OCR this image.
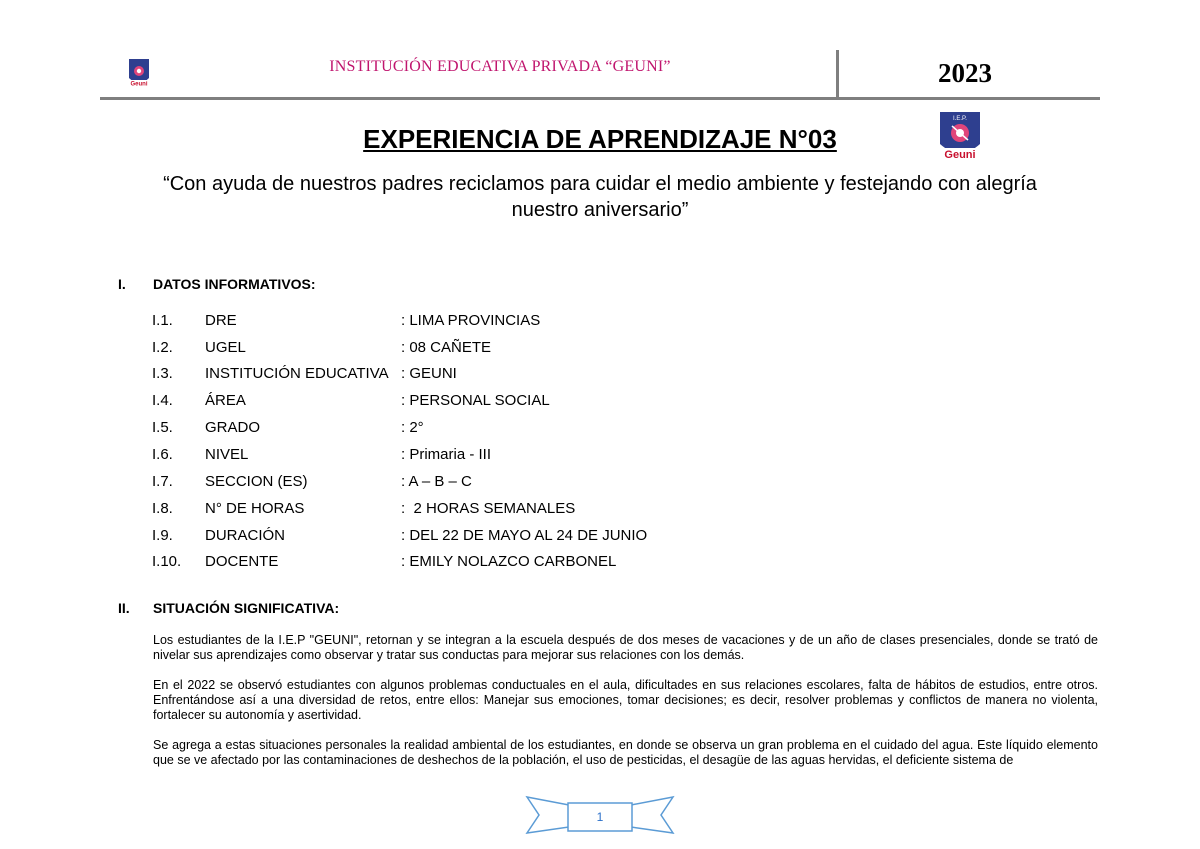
Geuni
INSTITUCIÓN EDUCATIVA PRIVADA “GEUNI”	2023
EXPERIENCIA DE APRENDIZAJE N°03
I.E.P.
Geuni
“Con ayuda de nuestros padres reciclamos para cuidar el medio ambiente y festejando con alegría
nuestro aniversario”
I. DATOS INFORMATIVOS:
I.1. DRE	: LIMA PROVINCIAS
I.2. UGEL	: 08 CAÑETE
I.3. INSTITUCIÓN EDUCATIVA : GEUNI
I.4. ÁREA	: PERSONAL SOCIAL
I.5. GRADO	: 2°
I.6. NIVEL	: Primaria - III
I.7. SECCION (ES)	: A – B – C
I.8. N° DE HORAS	:  2 HORAS SEMANALES
I.9. DURACIÓN	: DEL 22 DE MAYO AL 24 DE JUNIO
I.10. DOCENTE	: EMILY NOLAZCO CARBONEL
II. SITUACIÓN SIGNIFICATIVA:
Los estudiantes de la I.E.P "GEUNI", retornan y se integran a la escuela después de dos meses de vacaciones y de un año de clases presenciales, donde se trató de nivelar sus aprendizajes como observar y tratar sus conductas para mejorar sus relaciones con los demás.
En el 2022 se observó estudiantes con algunos problemas conductuales en el aula, dificultades en sus relaciones escolares, falta de hábitos de estudios, entre otros. Enfrentándose así a una diversidad de retos, entre ellos: Manejar sus emociones, tomar decisiones; es decir, resolver problemas y conflictos de manera no violenta, fortalecer su autonomía y asertividad.
Se agrega a estas situaciones personales la realidad ambiental de los estudiantes, en donde se observa un gran problema en el cuidado del agua. Este líquido elemento que se ve afectado por las contaminaciones de deshechos de la población, el uso de pesticidas, el desagüe de las aguas hervidas, el deficiente sistema de
1
